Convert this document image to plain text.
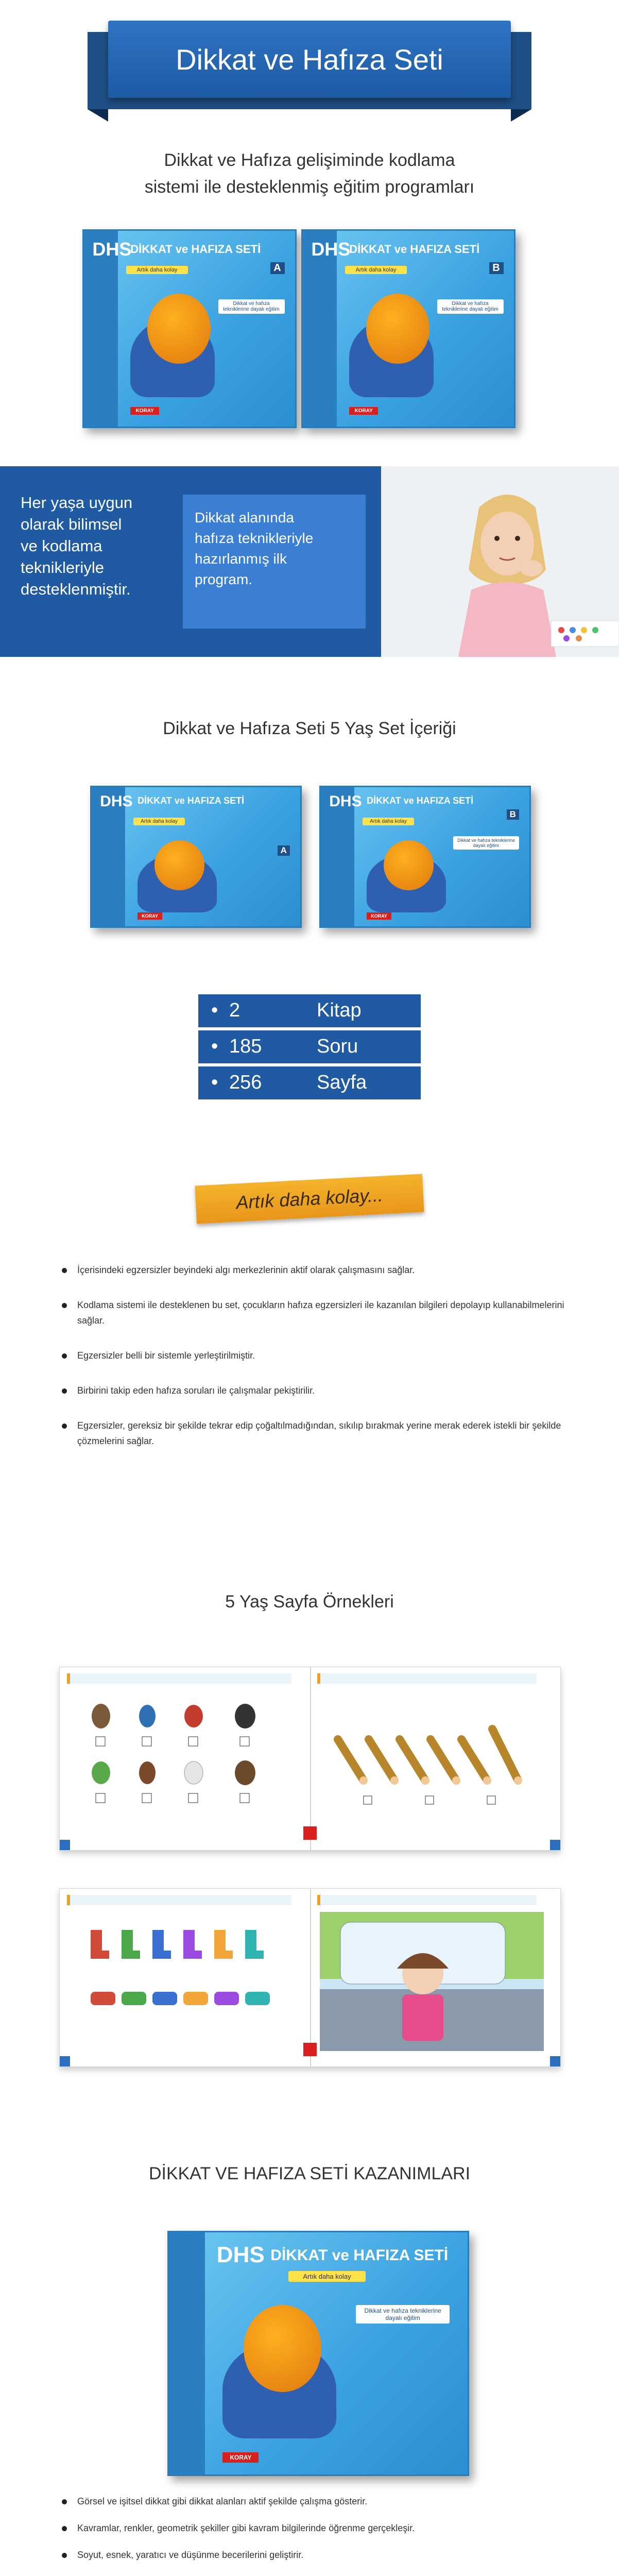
Dikkat ve Hafıza Seti
Dikkat ve Hafıza gelişiminde kodlama
sistemi ile desteklenmiş eğitim programları
DHS
DİKKAT ve HAFIZA SETİ
Artık daha kolay	A
Dikkat ve hafıza tekniklerine dayalı eğitim
KORAY
DHS
DİKKAT ve HAFIZA SETİ
Artık daha kolay	B
Dikkat ve hafıza tekniklerine dayalı eğitim
KORAY
Her yaşa uygun
olarak bilimsel
ve kodlama
teknikleriyle
desteklenmiştir.
Dikkat alanında
hafıza teknikleriyle
hazırlanmış ilk
program.
Dikkat ve Hafıza Seti 5 Yaş Set İçeriği
DHS DİKKAT ve HAFIZA SETİ
Artık daha kolay
A
KORAY
DHS DİKKAT ve HAFIZA SETİ
Artık daha kolay
B
Dikkat ve hafıza tekniklerine dayalı eğitim
KORAY
• 2	Kitap
• 185	Soru
• 256	Sayfa
Artık daha kolay...
İçerisindeki egzersizler beyindeki algı merkezlerinin aktif olarak çalışmasını sağlar.
Kodlama sistemi ile desteklenen bu set, çocukların hafıza egzersizleri ile kazanılan bilgileri depolayıp kullanabilmelerini sağlar.
Egzersizler belli bir sistemle yerleştirilmiştir.
Birbirini takip eden hafıza soruları ile çalışmalar pekiştirilir.
Egzersizler, gereksiz bir şekilde tekrar edip çoğaltılmadığından, sıkılıp bırakmak yerine merak ederek istekli bir şekilde çözmelerini sağlar.
5 Yaş Sayfa Örnekleri
DİKKAT VE HAFIZA SETİ KAZANIMLARI
DHS DİKKAT ve HAFIZA SETİ
Artık daha kolay
Dikkat ve hafıza tekniklerine dayalı eğitim
KORAY
Görsel ve işitsel dikkat gibi dikkat alanları aktif şekilde çalışma gösterir.
Kavramlar, renkler, geometrik şekiller gibi kavram bilgilerinde öğrenme gerçekleşir.
Soyut, esnek, yaratıcı ve düşünme becerilerini geliştirir.
